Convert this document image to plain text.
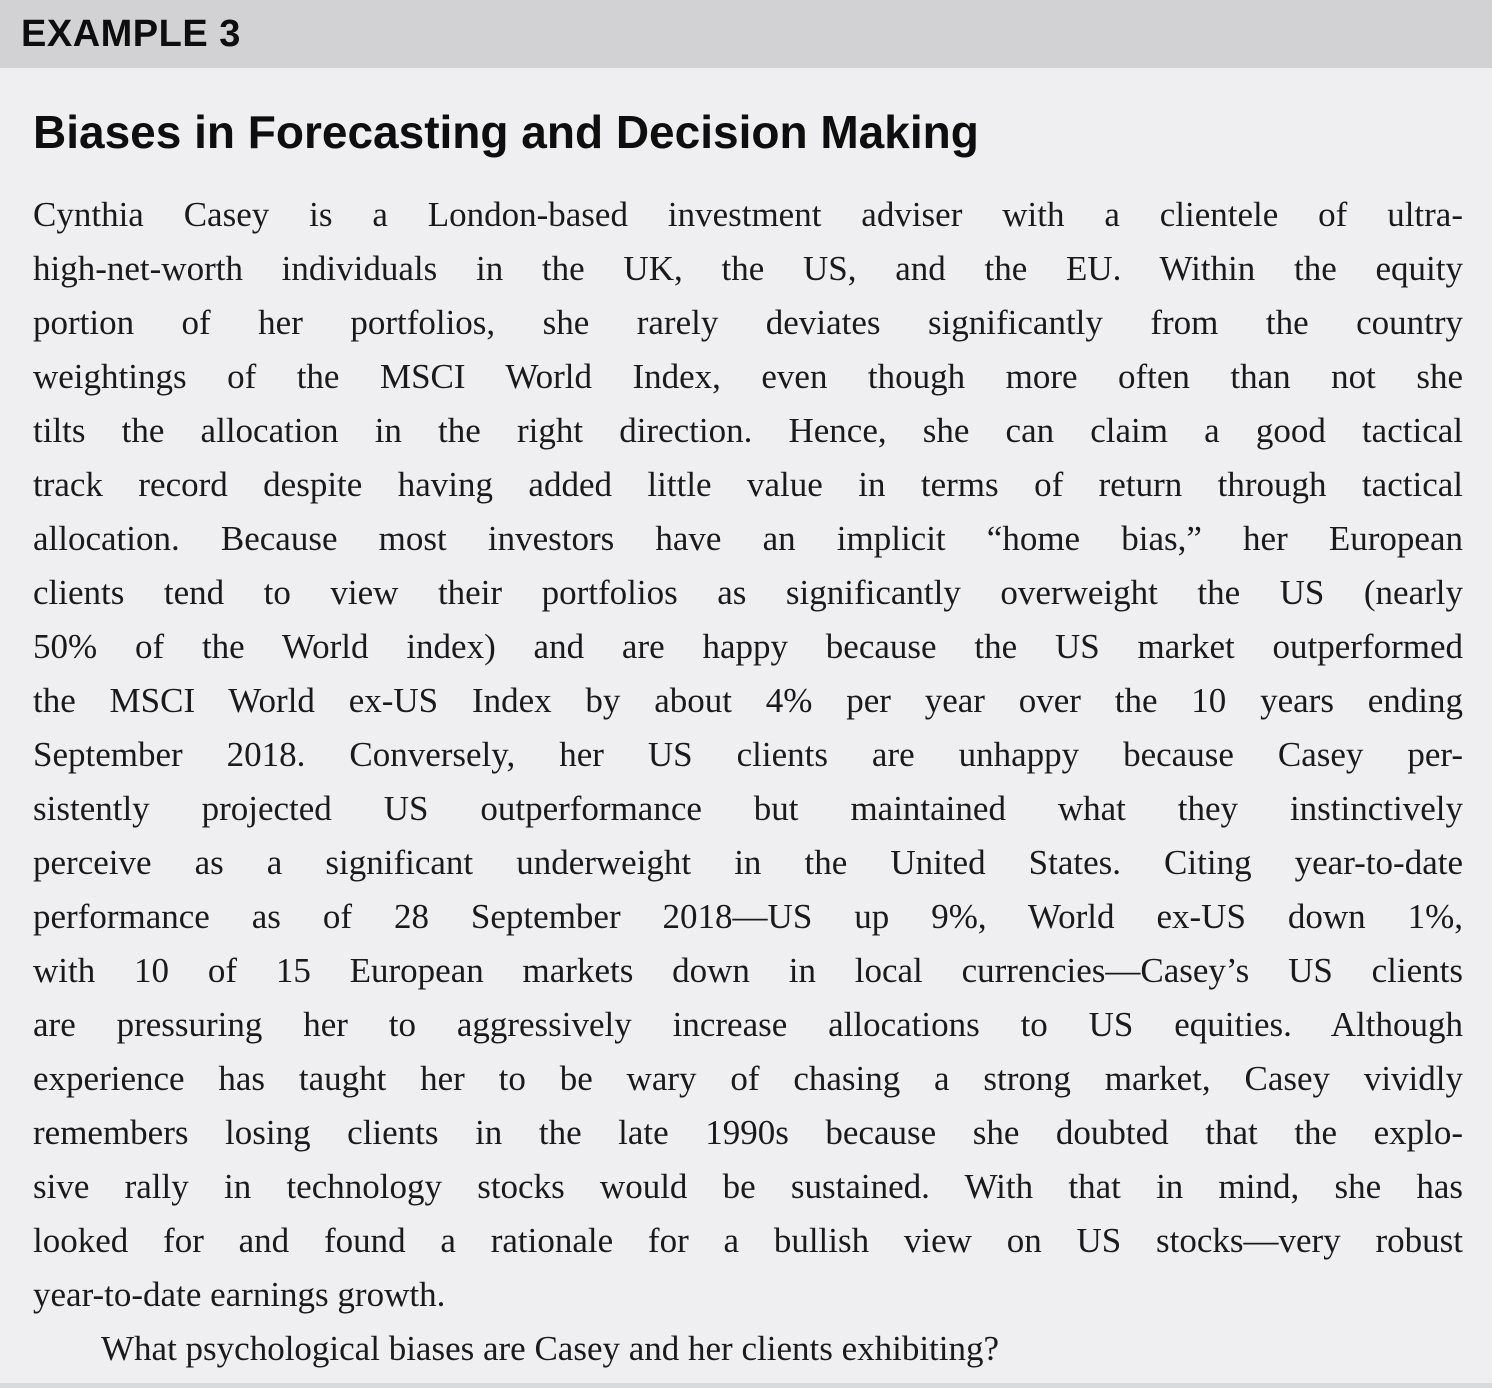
EXAMPLE 3
Biases in Forecasting and Decision Making
Cynthia Casey is a London-based investment adviser with a clientele of ultra-
high-net-worth individuals in the UK, the US, and the EU. Within the equity
portion of her portfolios, she rarely deviates significantly from the country
weightings of the MSCI World Index, even though more often than not she
tilts the allocation in the right direction. Hence, she can claim a good tactical
track record despite having added little value in terms of return through tactical
allocation. Because most investors have an implicit “home bias,” her European
clients tend to view their portfolios as significantly overweight the US (nearly
50% of the World index) and are happy because the US market outperformed
the MSCI World ex-US Index by about 4% per year over the 10 years ending
September 2018. Conversely, her US clients are unhappy because Casey per-
sistently projected US outperformance but maintained what they instinctively
perceive as a significant underweight in the United States. Citing year-to-date
performance as of 28 September 2018—US up 9%, World ex-US down 1%,
with 10 of 15 European markets down in local currencies—Casey’s US clients
are pressuring her to aggressively increase allocations to US equities. Although
experience has taught her to be wary of chasing a strong market, Casey vividly
remembers losing clients in the late 1990s because she doubted that the explo-
sive rally in technology stocks would be sustained. With that in mind, she has
looked for and found a rationale for a bullish view on US stocks—very robust
year-to-date earnings growth.
What psychological biases are Casey and her clients exhibiting?
